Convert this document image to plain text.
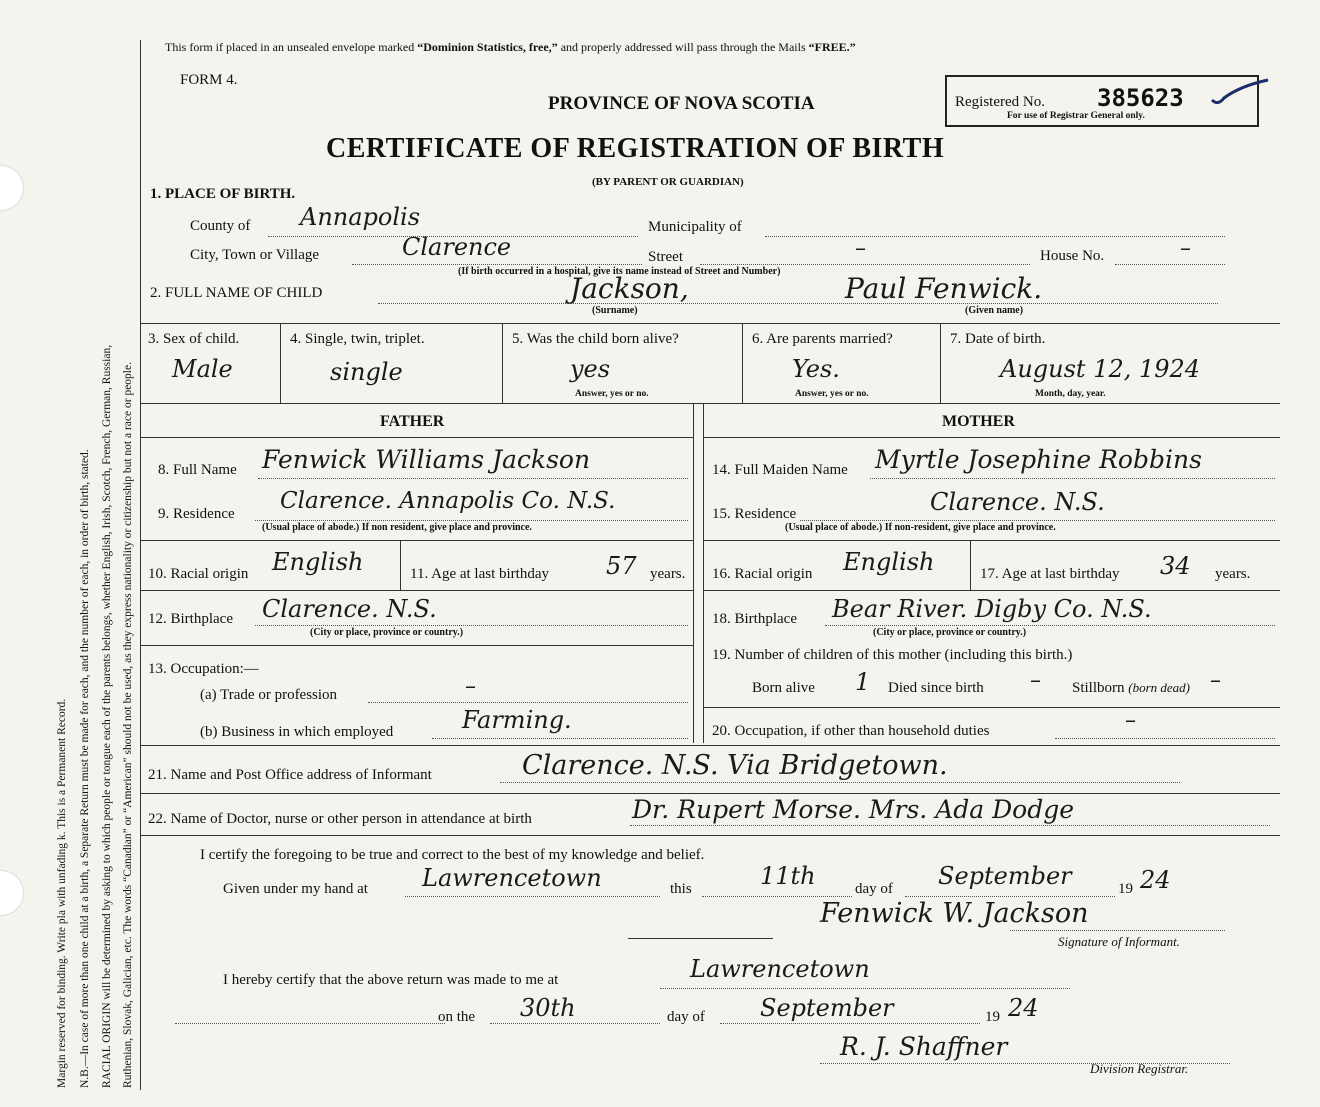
Margin reserved for binding. Write pla with unfading k. This is a Permanent Record. N.B.—In case of more than one child at a birth, a Separate Return must be made for each, and the number of each, in order of birth, stated. RACIAL ORIGIN will be determined by asking to which people or tongue each of the parents belongs, whether English, Irish, Scotch, French, German, Russian, Ruthenian, Slovak, Galician, etc. The words “Canadian” or “American” should not be used, as they express nationality or citizenship but not a race or people.
This form if placed in an unsealed envelope marked “Dominion Statistics, free,” and properly addressed will pass through the Mails “FREE.”
FORM 4.
PROVINCE OF NOVA SCOTIA
CERTIFICATE OF REGISTRATION OF BIRTH
(BY PARENT OR GUARDIAN)
Registered No. 385623
For use of Registrar General only.
1. PLACE OF BIRTH.
County of Annapolis	Municipality of
City, Town or Village	Clarence	Street	–	House No.	–
(If birth occurred in a hospital, give its name instead of Street and Number)
2. FULL NAME OF CHILD	Jackson,	Paul Fenwick.
(Surname)	(Given name)
3. Sex of child.
Male
4. Single, twin, triplet.
single
5. Was the child born alive?
yes
Answer, yes or no.
6. Are parents married?
Yes.
Answer, yes or no.
7. Date of birth.
August 12, 1924
Month, day, year.
FATHER	MOTHER
8. Full Name Fenwick Williams Jackson
9. Residence Clarence. Annapolis Co. N.S.
(Usual place of abode.) If non resident, give place and province.
10. Racial origin English	11. Age at last birthday 57 years.
12. Birthplace Clarence. N.S.
(City or place, province or country.)
13. Occupation:—
(a) Trade or profession	–
(b) Business in which employed	Farming.
14. Full Maiden Name Myrtle Josephine Robbins
15. Residence	Clarence. N.S.
(Usual place of abode.) If non-resident, give place and province.
16. Racial origin English	17. Age at last birthday 34 years.
18. Birthplace Bear River. Digby Co. N.S.
(City or place, province or country.)
19. Number of children of this mother (including this birth.)
Born alive 1 Died since birth – Stillborn (born dead) –
20. Occupation, if other than household duties	–
21. Name and Post Office address of Informant	Clarence. N.S. Via Bridgetown.
22. Name of Doctor, nurse or other person in attendance at birth	Dr. Rupert Morse. Mrs. Ada Dodge
I certify the foregoing to be true and correct to the best of my knowledge and belief.
Given under my hand at Lawrencetown	this	11th	day of September	19 24
Fenwick W. Jackson
Signature of Informant.
I hereby certify that the above return was made to me at	Lawrencetown
on the 30th	day of September	19 24
R. J. Shaffner
Division Registrar.
